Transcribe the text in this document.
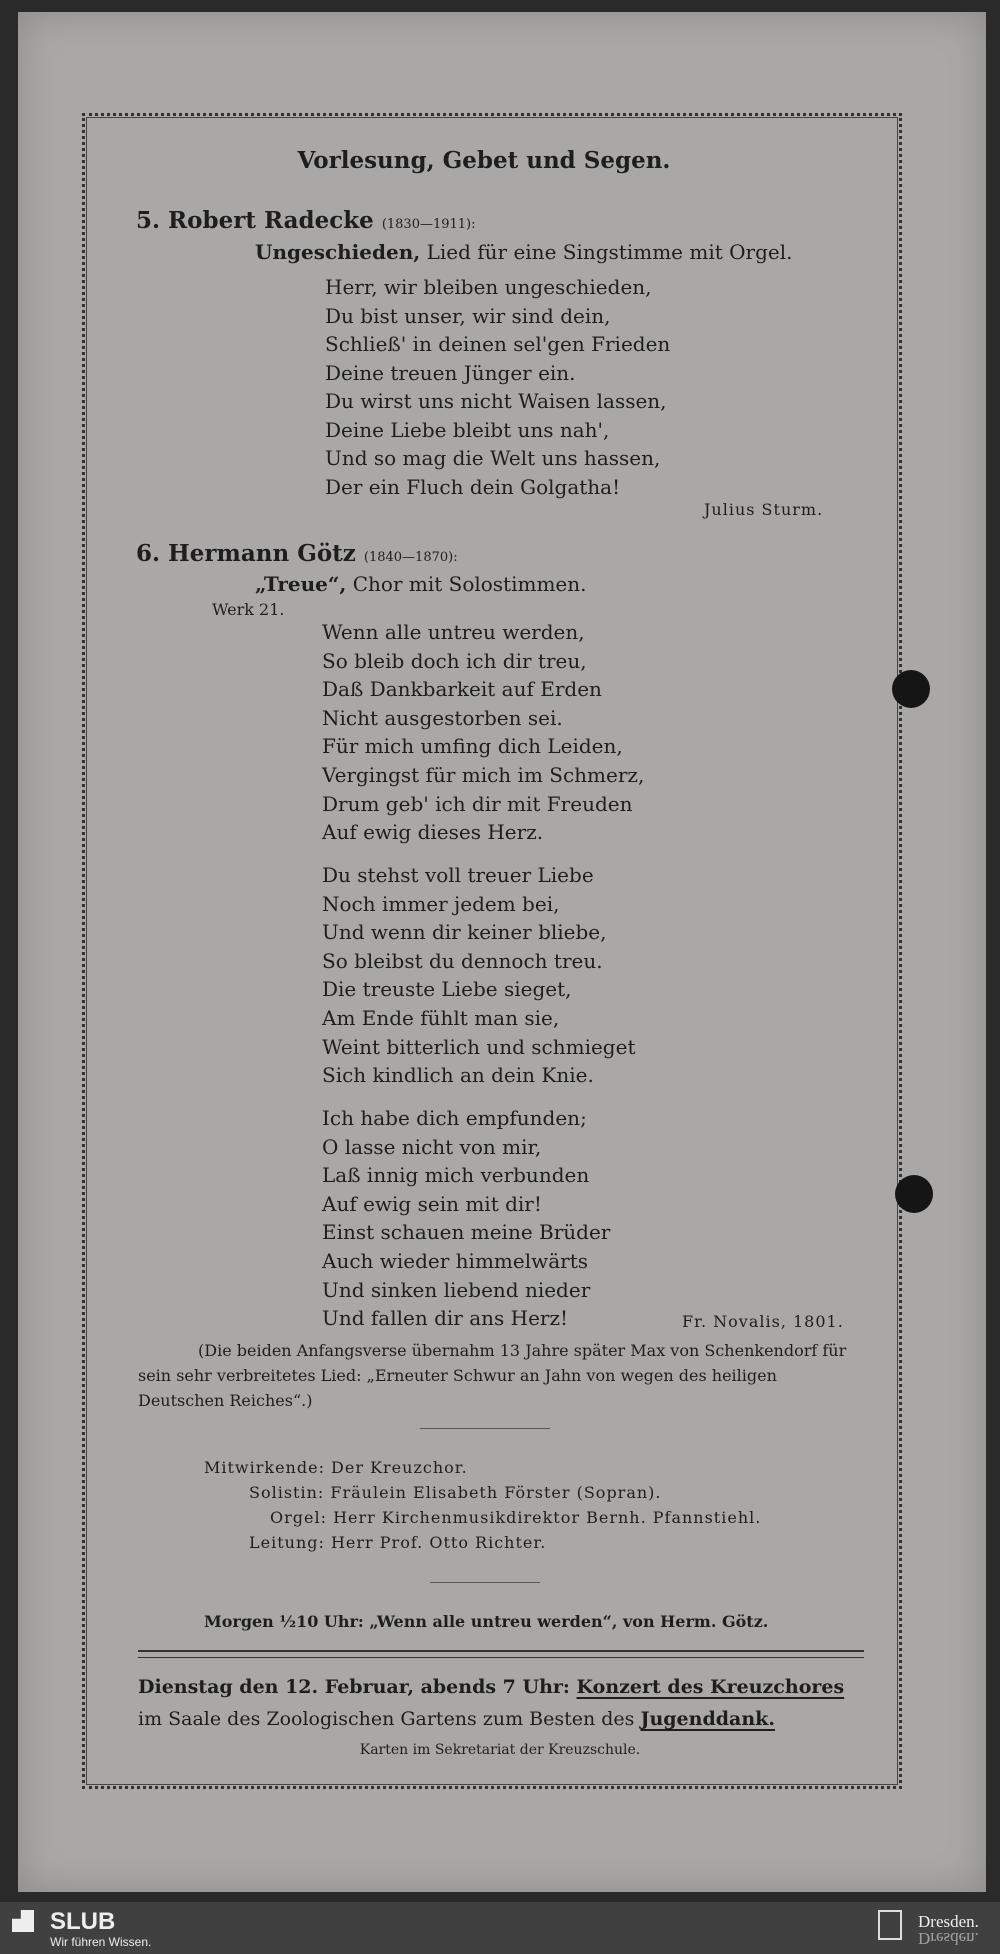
Vorlesung, Gebet und Segen.
5. Robert Radecke (1830—1911):
Ungeschieden, Lied für eine Singstimme mit Orgel.
Herr, wir bleiben ungeschieden,
Du bist unser, wir sind dein,
Schließ' in deinen sel'gen Frieden
Deine treuen Jünger ein.
Du wirst uns nicht Waisen lassen,
Deine Liebe bleibt uns nah',
Und so mag die Welt uns hassen,
Der ein Fluch dein Golgatha!
Julius Sturm.
6. Hermann Götz (1840—1870):
„Treue“, Chor mit Solostimmen.
Werk 21.
Wenn alle untreu werden,
So bleib doch ich dir treu,
Daß Dankbarkeit auf Erden
Nicht ausgestorben sei.
Für mich umfing dich Leiden,
Vergingst für mich im Schmerz,
Drum geb' ich dir mit Freuden
Auf ewig dieses Herz.
Du stehst voll treuer Liebe
Noch immer jedem bei,
Und wenn dir keiner bliebe,
So bleibst du dennoch treu.
Die treuste Liebe sieget,
Am Ende fühlt man sie,
Weint bitterlich und schmieget
Sich kindlich an dein Knie.
Ich habe dich empfunden;
O lasse nicht von mir,
Laß innig mich verbunden
Auf ewig sein mit dir!
Einst schauen meine Brüder
Auch wieder himmelwärts
Und sinken liebend nieder
Und fallen dir ans Herz!	Fr. Novalis, 1801.
(Die beiden Anfangsverse übernahm 13 Jahre später Max von Schenkendorf für sein sehr verbreitetes Lied: „Erneuter Schwur an Jahn von wegen des heiligen Deutschen Reiches“.)
Mitwirkende: Der Kreuzchor.
Solistin: Fräulein Elisabeth Förster (Sopran).
Orgel: Herr Kirchenmusikdirektor Bernh. Pfannstiehl.
Leitung: Herr Prof. Otto Richter.
Morgen ½10 Uhr: „Wenn alle untreu werden“, von Herm. Götz.
Dienstag den 12. Februar, abends 7 Uhr: Konzert des Kreuzchores
im Saale des Zoologischen Gartens zum Besten des Jugenddank.
Karten im Sekretariat der Kreuzschule.
SLUB
Wir führen Wissen.
Dresden.
Dresden.
